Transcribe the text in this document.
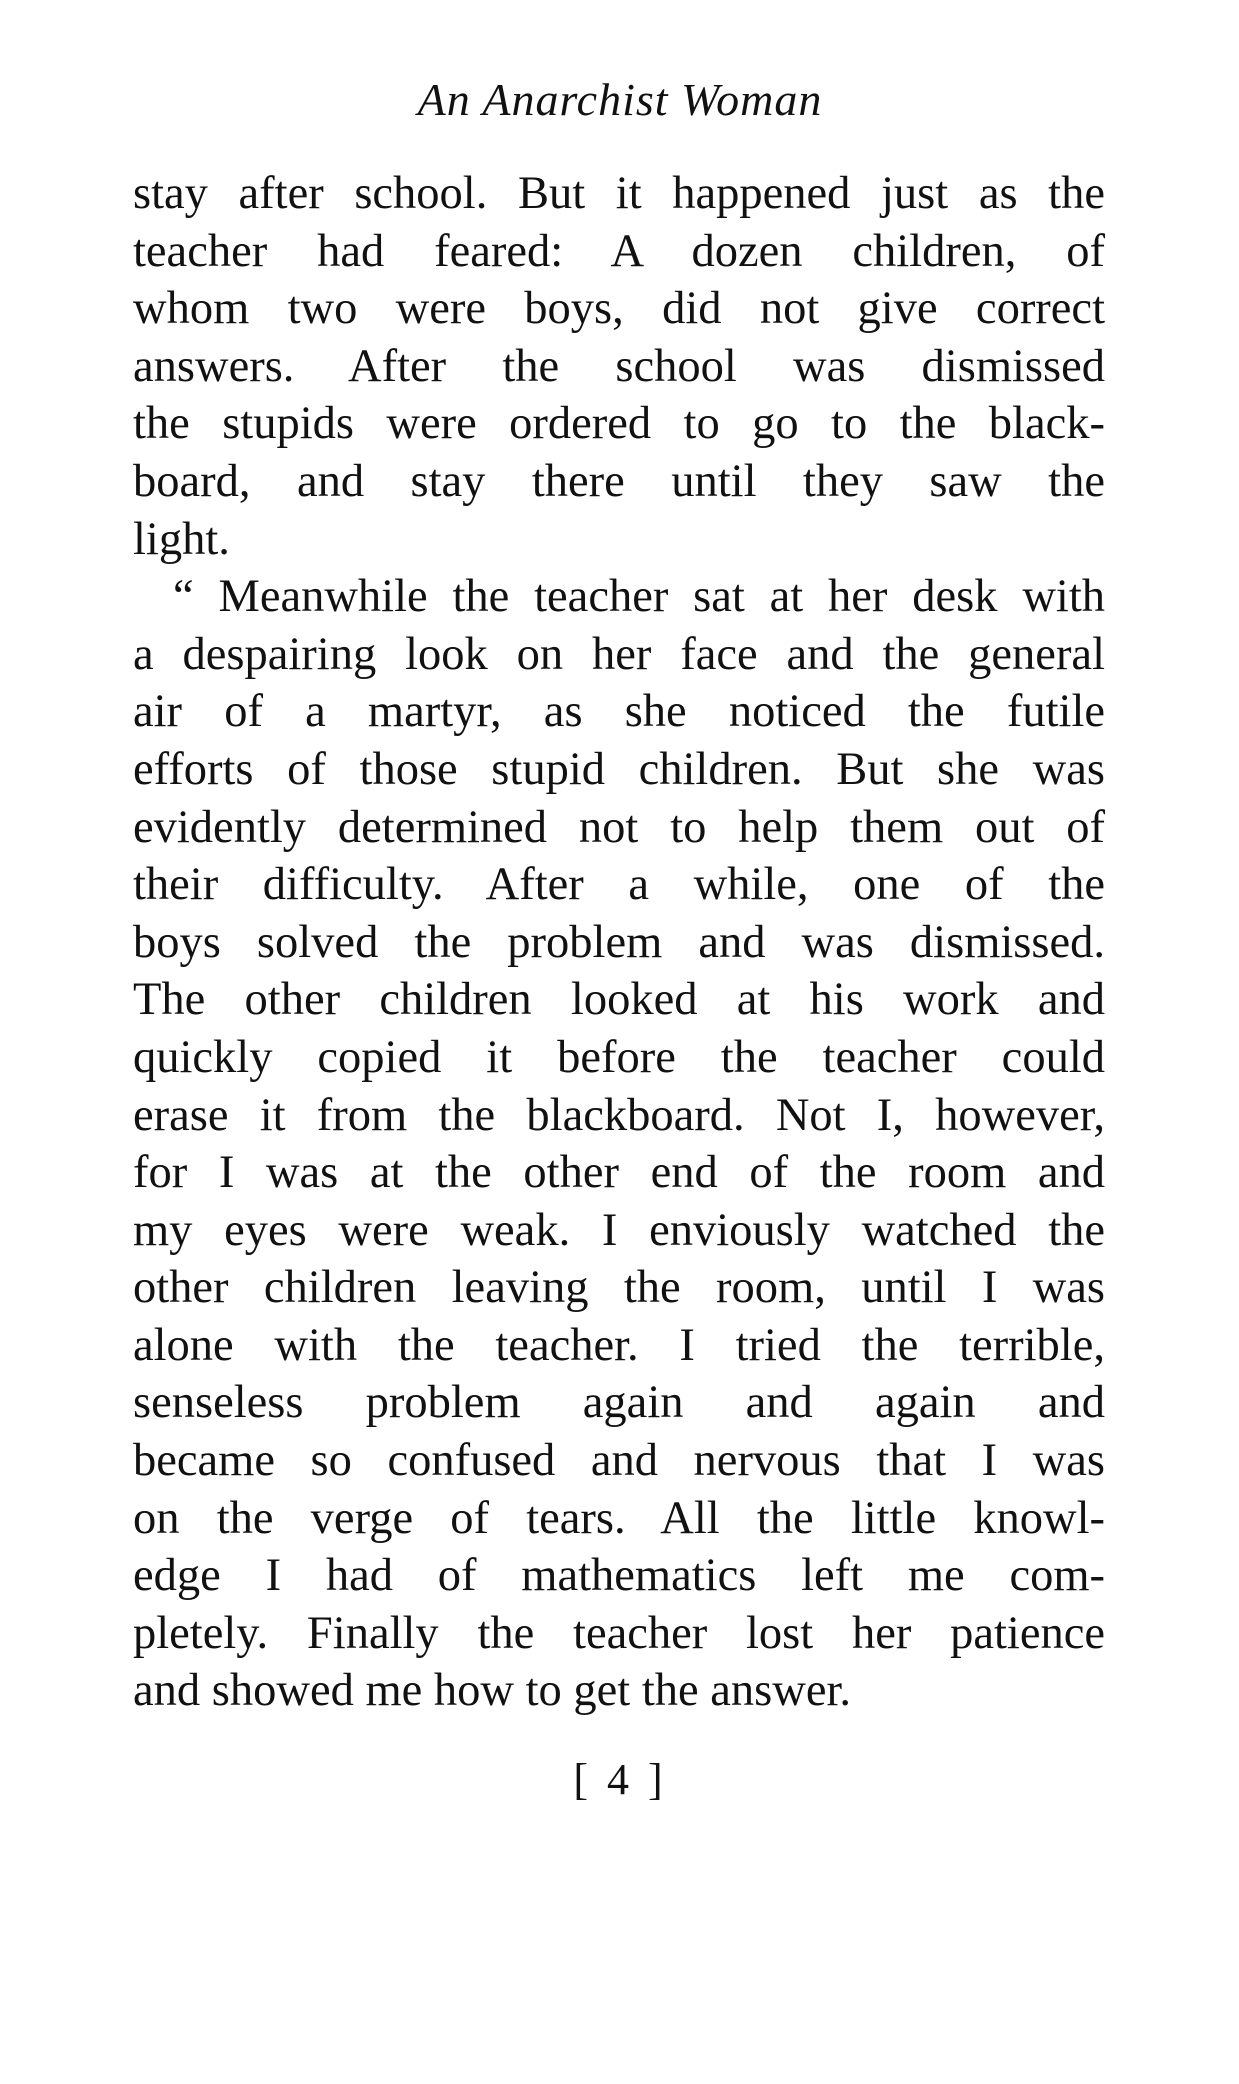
An Anarchist Woman
stay after school. But it happened just as the
teacher had feared: A dozen children, of
whom two were boys, did not give correct
answers. After the school was dismissed
the stupids were ordered to go to the black-
board, and stay there until they saw the
light.
“ Meanwhile the teacher sat at her desk with
a despairing look on her face and the general
air of a martyr, as she noticed the futile
efforts of those stupid children. But she was
evidently determined not to help them out of
their difficulty. After a while, one of the
boys solved the problem and was dismissed.
The other children looked at his work and
quickly copied it before the teacher could
erase it from the blackboard. Not I, however,
for I was at the other end of the room and
my eyes were weak. I enviously watched the
other children leaving the room, until I was
alone with the teacher. I tried the terrible,
senseless problem again and again and
became so confused and nervous that I was
on the verge of tears. All the little knowl-
edge I had of mathematics left me com-
pletely. Finally the teacher lost her patience
and showed me how to get the answer.
[ 4 ]
